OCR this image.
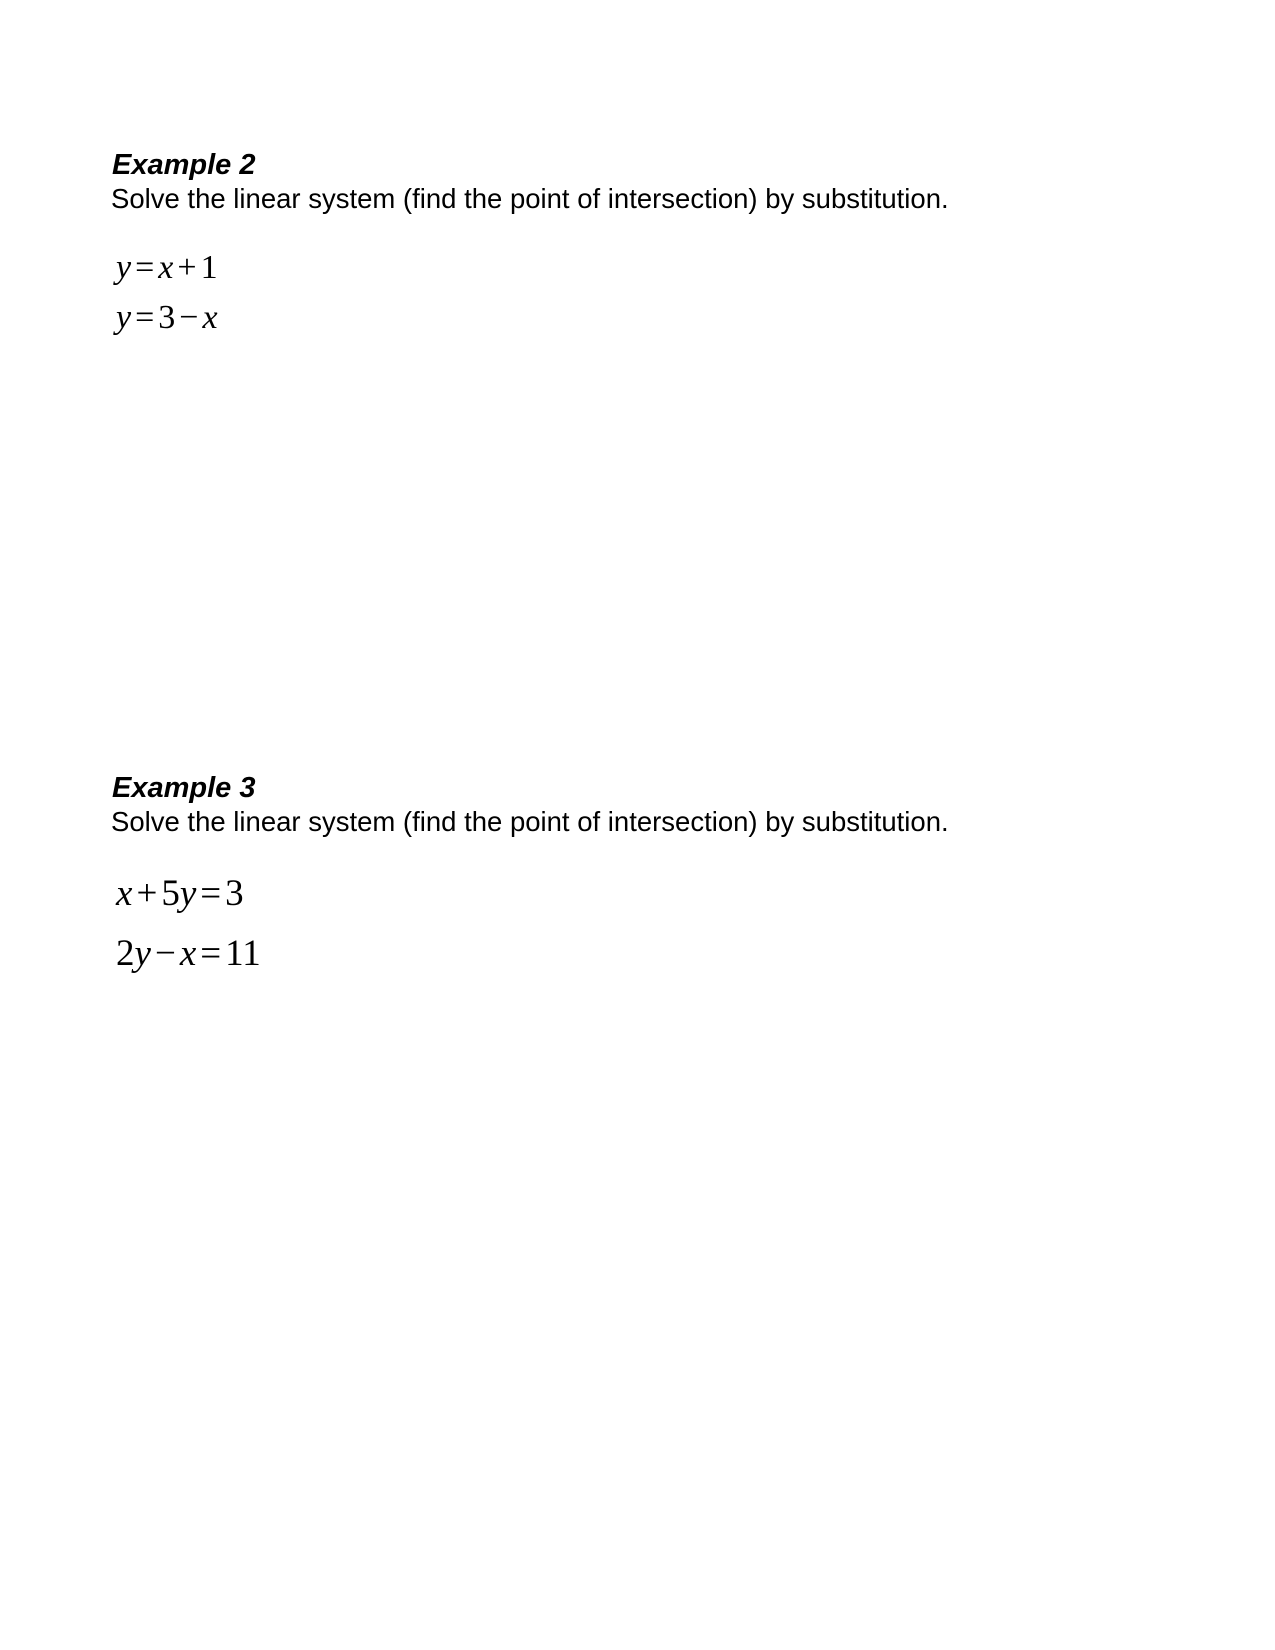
Example 2

Solve the linear system (find the point of intersection) by substitution.

y = x + 1
y = 3 − x

Example 3

Solve the linear system (find the point of intersection) by substitution.

x + 5y = 3
2y − x = 11
